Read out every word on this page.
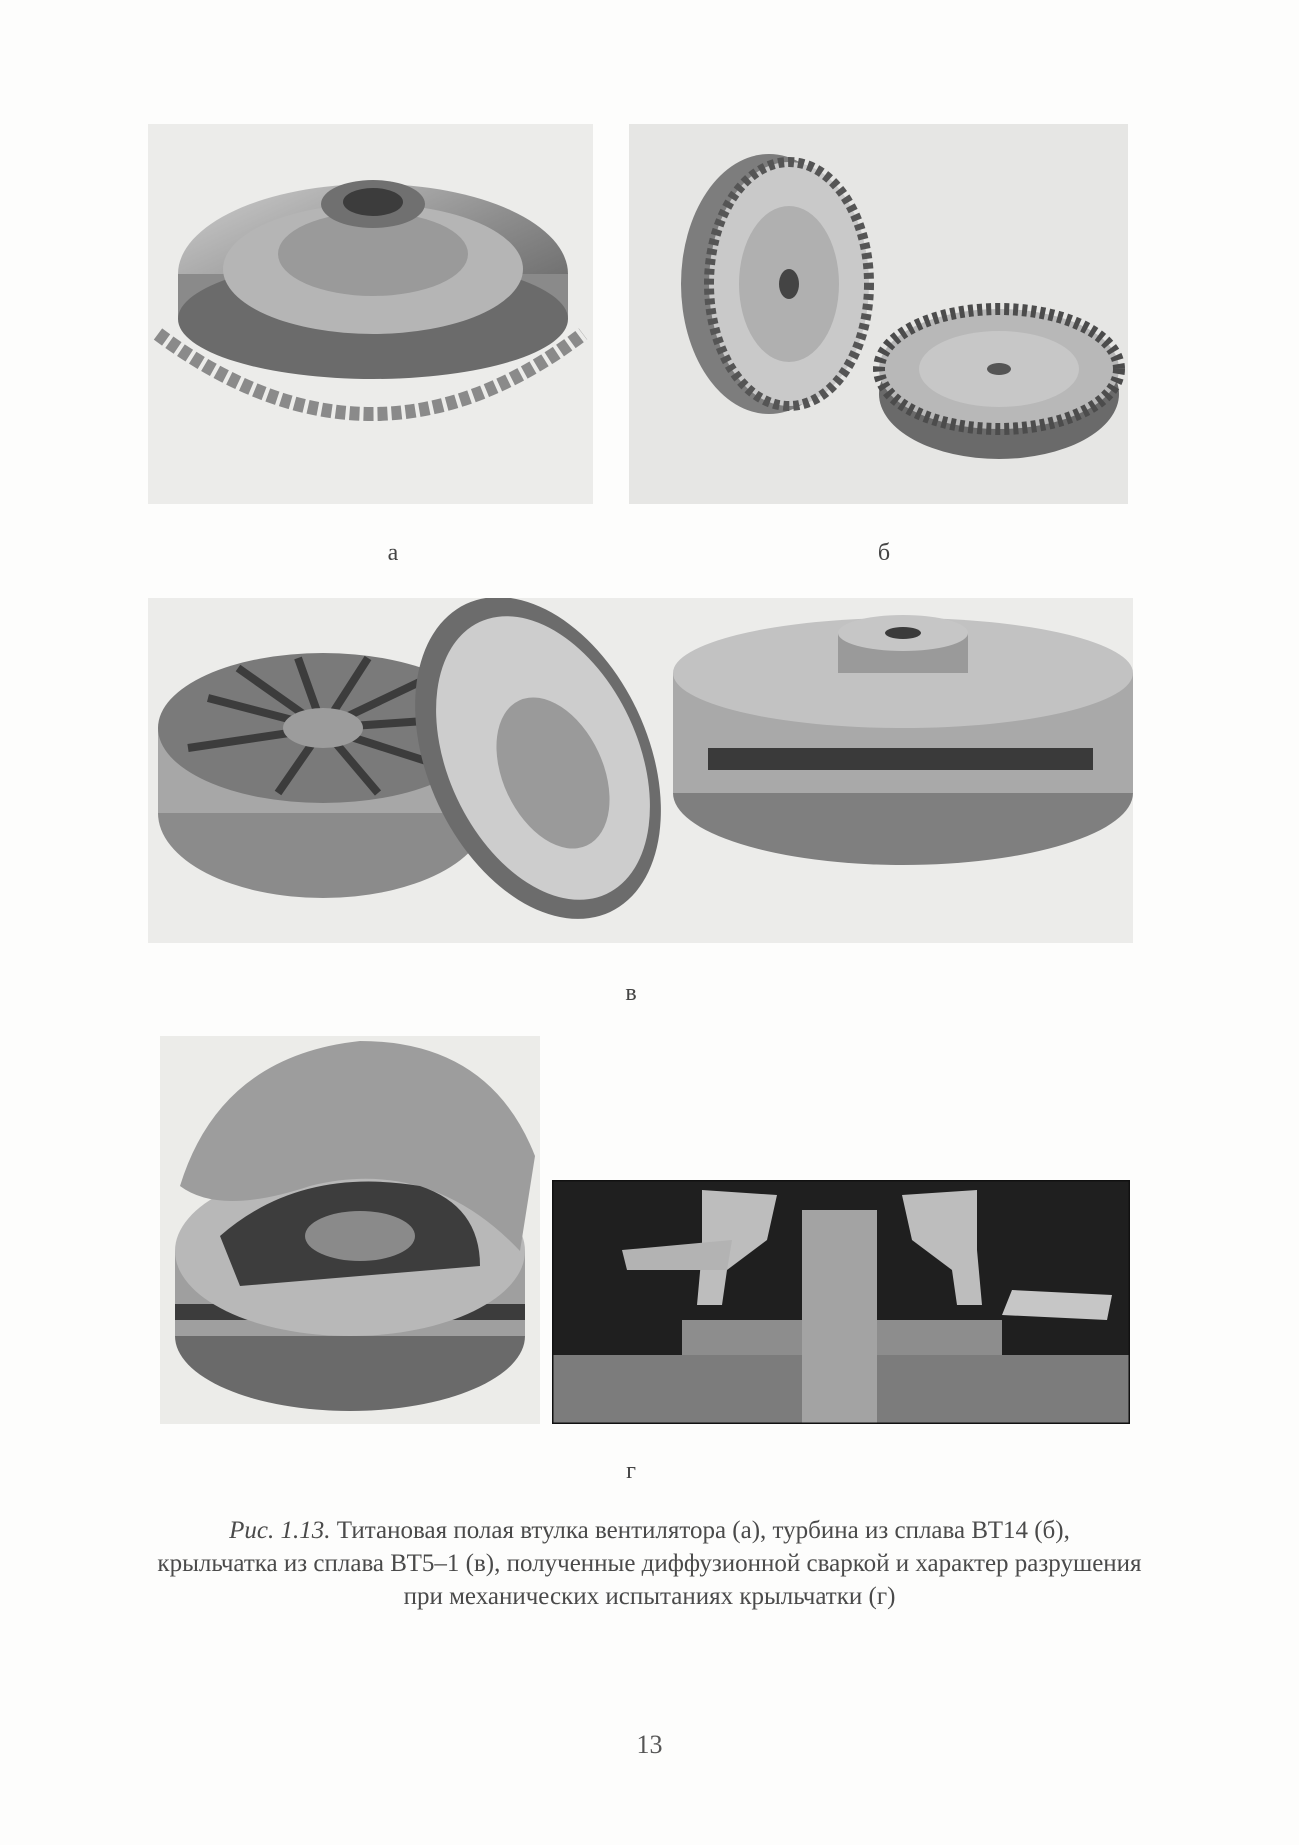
а	б
в
г
Рис. 1.13. Титановая полая втулка вентилятора (а), турбина из сплава ВТ14 (б),
крыльчатка из сплава ВТ5–1 (в), полученные диффузионной сваркой и характер разрушения
при механических испытаниях крыльчатки (г)
13
